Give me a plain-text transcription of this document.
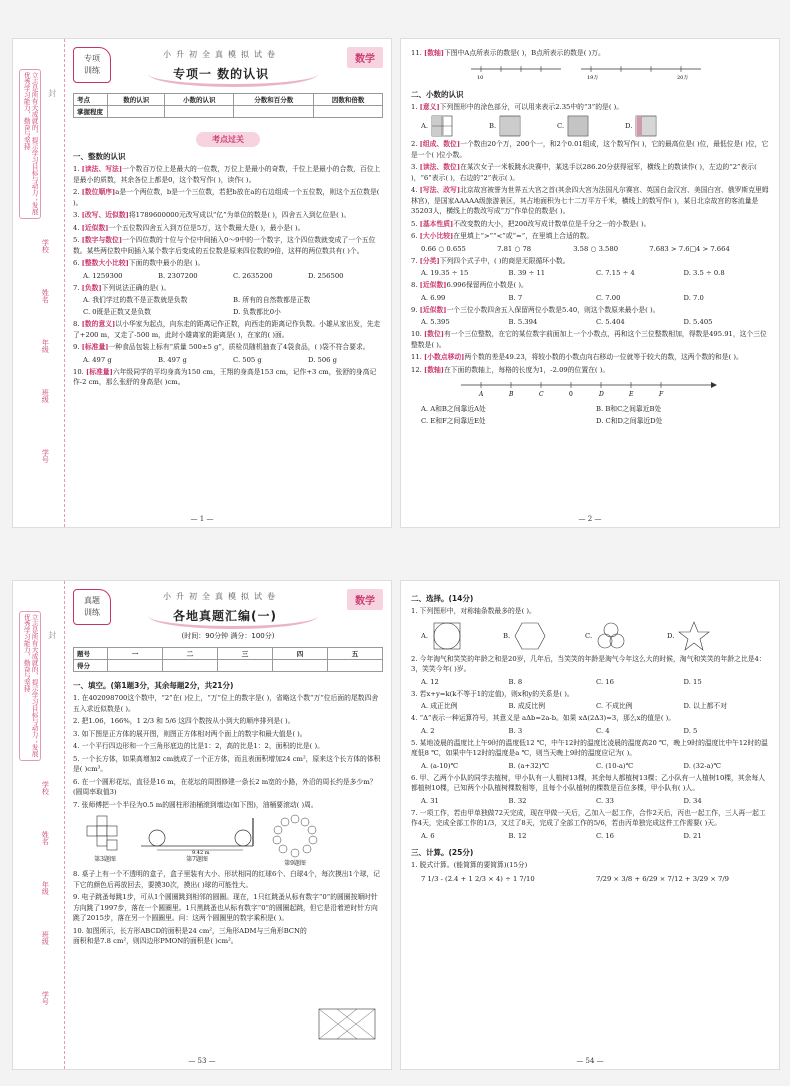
立志是所有大成就的，提示学习目标与动力；发展优秀学习能力，勤奋与坚持
学校
姓名
年级
班级
学号
封
专项
训练
小升初全真模拟试卷	数学
专项一 数的认识
考点	数的认识	小数的认识	分数和百分数	因数和倍数
掌握程度				
考点过关
一、整数的认识
1. [读法、写法]一个数百万位上是最大的一位数，万位上是最小的奇数，千位上是最小的合数，百位上是最小的质数，其余各位上都是0，这个数写作( )，读作( )。
2. [数位顺序]a是一个两位数，b是一个三位数，若把b放在a的右边组成一个五位数，则这个五位数是( )。
3. [改写、近似数]将1789600000元改写成以“亿”为单位的数是( )，四舍五入到亿位是( )。
4. [近似数]一个五位数四舍五入到万位是5万，这个数最大是( )，最小是( )。
5. [数字与数位]一个四位数的十位与个位中间插入0～9中的一个数字，这个四位数就变成了一个五位数。某些两位数中间插入某个数字后变成的五位数是原来四位数的9倍，这样的两位数共有( )个。
6. [整数大小比较]下面的数中最小的是( )。
A. 1259300	B. 2307200	C. 2635200	D. 256500
7. [负数]下列说法正确的是( )。
A. 我们学过的数不是正数就是负数	B. 所有的自然数都是正数
C. 0既是正数又是负数	D. 负数都比0小
8. [数的意义]以小华家为起点，向东走的距离记作正数，向西走的距离记作负数。小雄从家出发，先走了+200 m，又走了-500 m，此时小雄离家的距离是( )，在家的( )面。
9. [标准量]一种食品包装上标有“质量 500±5 g”，质检员随机抽查了4袋食品，( )袋不符合要求。
A. 497 g	B. 497 g	C. 505 g	D. 506 g
10. [标准量]六年级同学的平均身高为150 cm，王翔的身高是153 cm，记作+3 cm，张舒的身高记作-2 cm，那么张舒的身高是( )cm。
— 1 —
11. [数轴]下图中A点所表示的数是( )，B点所表示的数是( )万。
10	19万	20万
二、小数的认识
1. [意义]下列图形中的涂色部分，可以用来表示2.35中的“3”的是( )。
A.	B.	C.	D.
2. [组成、数位]一个数由20个万，200个一，和2个0.01组成，这个数写作( )，它的最高位是( )位，最低位是( )位，它是一个( )位小数。
3. [读法、数位]在某次女子一米板跳水决赛中，某选手以286.20分获得冠军，横线上的数读作( )，左边的“2”表示( )，“6”表示( )，右边的“2”表示( )。
4. [写法、改写]北京故宫被誉为世界五大宫之首(其余四大宫为法国凡尔赛宫、英国白金汉宫、美国白宫、俄罗斯克里姆林宫)，是国家AAAAA级旅游景区，其占地面积为七十二万平方千米，横线上的数写作( )，某日北京故宫的客流量是35203人，横线上的数改写成“万”作单位的数是( )。
5. [基本性质]不改变数的大小，把200改写成计数单位是千分之一的小数是( )。
6. [大小比较]在里填上“>”“<”或“=”，在里填上合适的数。
0.66 ○ 0.655	7.81 ○ 78	3.58 ○ 3.580	7.683 > 7.6□4 > 7.664
7. [分类]下列四个式子中，( )的商是无限循环小数。
A. 19.35 ÷ 15	B. 39 ÷ 11	C. 7.15 ÷ 4	D. 3.5 ÷ 0.8
8. [近似数]6.996保留两位小数是( )。
A. 6.99	B. 7	C. 7.00	D. 7.0
9. [近似数]一个三位小数四舍五入保留两位小数是5.40，则这个数原来最小是( )。
A. 5.395	B. 5.394	C. 5.404	D. 5.405
10. [数位]有一个三位整数，在它的某位数字前面加上一个小数点，再和这个三位整数相加，得数是495.91，这个三位整数是( )。
11. [小数点移动]两个数的差是49.23，将较小数的小数点向右移动一位就等于较大的数，这两个数的和是( )。
12. [数轴]在下面的数轴上，每格的长度为1，-2.09的位置在( )。
A	B	C	0	D	E	F
A. A和B之间靠近A处	B. B和C之间靠近B处
C. E和F之间靠近E处	D. C和D之间靠近D处
— 2 —
立志是所有大成就的，提示学习目标与动力；发展优秀学习能力，勤奋与坚持
学校
姓名
年级
班级
学号
封
真题
训练
小升初全真模拟试卷	数学
各地真题汇编(一)
(时间：90分钟 满分：100分)
题号	一	二	三	四	五
得分					
一、填空。(第1题3分，其余每题2分，共21分)
1. 在402098700这个数中，“2”在( )位上，“万”位上的数字是( )，省略这个数“万”位后面的尾数四舍五入求近似数是( )。
2. 把1.06，166%，1 2/3 和 5/6 这四个数按从小到大的顺序排列是( )。
3. 如下图是正方体的展开图，则图正方体相对两个面上的数字和最大值是( )。
4. 一个平行四边形和一个三角形底边的比是1：2，高的比是1：2，面积的比是( )。
5. 一个长方体，如果高增加2 cm就成了一个正方体，而且表面积增加24 cm²，原来这个长方体的体积是( )cm³。
6. 在一个圆形花坛，直径是16 m，在花坛的周围修建一条长2 m宽的小路，外沿的周长约是多少m？(圆周率取值3)
7. 张师傅把一个半径为0.5 m的圆柱形油桶滚到墙边(如下图)，油桶要滚动( )周。
第3题图
9.42 m
第7题图
第9题图
8. 桌子上有一个不透明的盒子，盒子里装有大小、形状相同的红球6个、白球4个，每次摸出1个球，记下它的颜色后再放回去，要摸30次，摸出( )球的可能性大。
9. 电子跳蚤每跳1步，可从1个圆圈跳到相邻的圆圈。现在，1只红跳蚤从标有数字“0”的圆圈按顺时针方向跳了1997步，落在一个圆圈里。1只黑跳蚤也从标有数字“0”的圆圈起跳，但它是沿着逆时针方向跳了2015步，落在另一个圆圈里。问：这两个圆圈里的数字乘积是( )。
10. 如图所示，长方形ABCD的面积是24 cm²，三角形ADM与三角形BCN的面积和是7.8 cm²，则四边形PMON的面积是( )cm²。
— 53 —
二、选择。(14分)
1. 下列图形中，对称轴条数最多的是( )。
A.	B.	C.	D.
2. 今年淘气和笑笑的年龄之和是20岁，几年后，当笑笑的年龄是淘气今年这么大的时候，淘气和笑笑的年龄之比是4：3，笑笑今年( )岁。
A. 12	B. 8	C. 16	D. 15
3. 若x+y=k(k不等于1的定值)，则x和y的关系是( )。
A. 成正比例	B. 成反比例	C. 不成比例	D. 以上都不对
4. “Δ”表示一种运算符号，其意义是 aΔb=2a-b。如果 xΔ(2Δ3)=3，那么x的值是( )。
A. 2	B. 3	C. 4	D. 5
5. 某地凌晨的温度比上午9时的温度低12 ℃，中午12时的温度比凌晨的温度高20 ℃，晚上9时的温度比中午12时的温度低8 ℃，如果中午12时的温度是a ℃，则当天晚上9时的温度应记为( )。
A. (a-10)℃	B. (a+32)℃	C. (10-a)℃	D. (32-a)℃
6. 甲、乙两个小队的同学去植树，甲小队有一人植树13棵，其余每人都植树13棵；乙小队有一人植树10棵，其余每人都植树10棵，已知两个小队植树棵数相等，且每个小队植树的棵数是百位多棵，甲小队有( )人。
A. 31	B. 32	C. 33	D. 34
7. 一项工作，若由甲单独做72天完成，现在甲做一天后，乙加入一起工作，合作2天后，丙也一起工作，三人再一起工作4天，完成全部工作的1/3，又过了8天，完成了全部工作的5/6，若由丙单独完成这件工作需要( )天。
A. 6	B. 12	C. 16	D. 21
三、计算。(25分)
1. 脱式计算。(能简算的要简算)(15分)
7 1/3 - (2.4 + 1 2/3 × 4) ÷ 1 7/10	7/29 × 3/8 + 6/29 × 7/12 + 3/29 × 7/9
— 54 —
